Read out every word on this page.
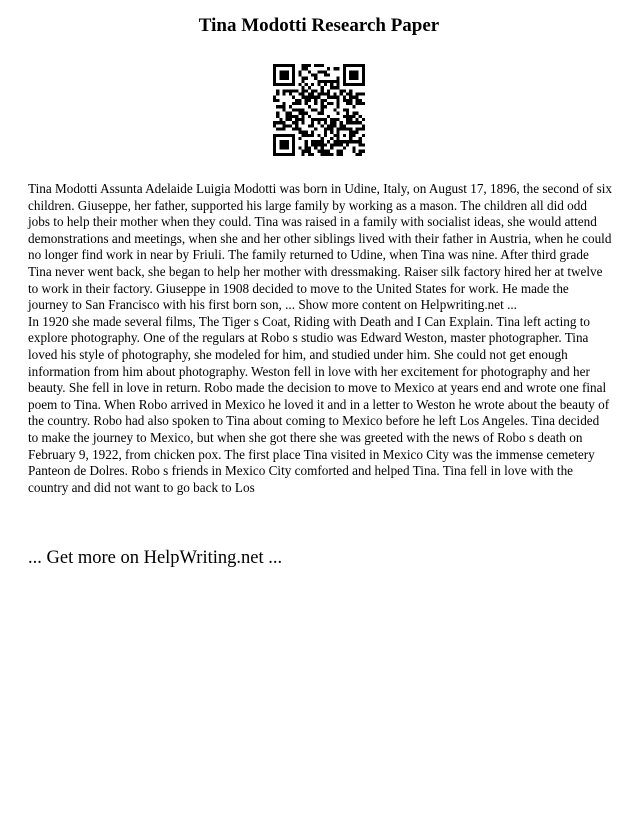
Tina Modotti Research Paper

Tina Modotti Assunta Adelaide Luigia Modotti was born in Udine, Italy, on August 17, 1896, the second of six children. Giuseppe, her father, supported his large family by working as a mason. The children all did odd jobs to help their mother when they could. Tina was raised in a family with socialist ideas, she would attend demonstrations and meetings, when she and her other siblings lived with their father in Austria, when he could no longer find work in near by Friuli. The family returned to Udine, when Tina was nine. After third grade Tina never went back, she began to help her mother with dressmaking. Raiser silk factory hired her at twelve to work in their factory. Giuseppe in 1908 decided to move to the United States for work. He made the journey to San Francisco with his first born son, ... Show more content on Helpwriting.net ...

In 1920 she made several films, The Tiger s Coat, Riding with Death and I Can Explain. Tina left acting to explore photography. One of the regulars at Robo s studio was Edward Weston, master photographer. Tina loved his style of photography, she modeled for him, and studied under him. She could not get enough information from him about photography. Weston fell in love with her excitement for photography and her beauty. She fell in love in return. Robo made the decision to move to Mexico at years end and wrote one final poem to Tina. When Robo arrived in Mexico he loved it and in a letter to Weston he wrote about the beauty of the country. Robo had also spoken to Tina about coming to Mexico before he left Los Angeles. Tina decided to make the journey to Mexico, but when she got there she was greeted with the news of Robo s death on February 9, 1922, from chicken pox. The first place Tina visited in Mexico City was the immense cemetery Panteon de Dolres. Robo s friends in Mexico City comforted and helped Tina. Tina fell in love with the country and did not want to go back to Los

... Get more on HelpWriting.net ...
